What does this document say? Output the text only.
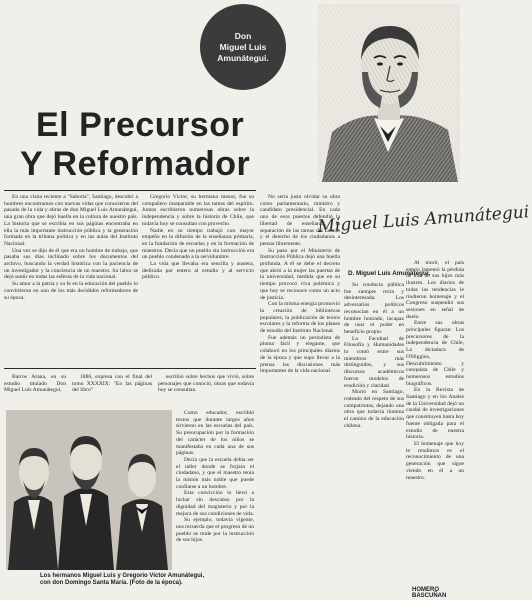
Don
Miguel Luis
Amunátegui.
El Precursor
Y Reformador
Miguel Luis Amunátegui
D. Miguel Luis Amunátegui.

En una visita reciente a "Sabotia", Santiago, descubrí a hombres encontramos con nuevas vidas que conocieron del pasado de la vida y obras de don Miguel Luis Amunátegui, una gran obra que dejó huella en la cultura de nuestro país. La historia que se escribía en sus páginas encontraba en ella la más importante instrucción pública y la generación formada en la tribuna política y en las aulas del Instituto Nacional.

Una vez se dijo de él que era un hombre de trabajo, que pasaba sus días inclinado sobre los documentos del archivo, buscando la verdad histórica con la paciencia de un investigador y la conciencia de un maestro. Su labor se dejó sentir en todas las esferas de la vida nacional.

Su amor a la patria y su fe en la educación del pueblo lo convirtieron en uno de los más decididos reformadores de su época.

Gregorio Víctor, su hermano menor, fue su compañero inseparable en las tareas del espíritu. Juntos escribieron numerosas obras sobre la independencia y sobre la historia de Chile, que todavía hoy se consultan con provecho.

Nadie en su tiempo trabajó con mayor empeño en la difusión de la enseñanza primaria, en la fundación de escuelas y en la formación de maestros. Decía que un pueblo sin instrucción era un pueblo condenado a la servidumbre.

La vida que llevaba era sencilla y austera, dedicada por entero al estudio y al servicio público.

No sería justo olvidar su obra como parlamentario, ministro y candidato presidencial. En cada uno de esos puestos defendió la libertad de enseñanza, la separación de las tareas del Estado y el derecho de los ciudadanos a pensar libremente.

Su paso por el Ministerio de Instrucción Pública dejó una huella profunda. A él se debe el decreto que abrió a la mujer las puertas de la universidad, medida que en su tiempo provocó viva polémica y que hoy se reconoce como un acto de justicia.

Con la misma energía promovió la creación de bibliotecas populares, la publicación de textos escolares y la reforma de los planes de estudio del Instituto Nacional.

Fue además un periodista de pluma fácil y elegante, que colaboró en los principales diarios de la época y que supo llevar a la prensa las discusiones más importantes de la vida nacional.

Su conducta pública fue siempre recta y desinteresada. Los adversarios políticos reconocían en él a un hombre honrado, incapaz de usar el poder en beneficio propio.

La Facultad de Filosofía y Humanidades lo contó entre sus miembros más distinguidos, y sus discursos académicos fueron modelos de erudición y claridad.

Murió en Santiago, rodeado del respeto de sus compatriotas, dejando una obra que todavía ilumina el camino de la educación chilena.

Al morir, el país entero lamentó la pérdida de uno de sus hijos más ilustres. Los diarios de todas las tendencias le rindieron homenaje y el Congreso suspendió sus sesiones en señal de duelo.

Entre sus obras principales figuran: Los precursores de la independencia de Chile, La dictadura de O'Higgins, Descubrimiento y conquista de Chile y numerosos estudios biográficos.

En la Revista de Santiago y en los Anales de la Universidad dejó un caudal de investigaciones que constituyen hasta hoy fuente obligada para el estudio de nuestra historia.

El homenaje que hoy le rendimos es el reconocimiento de una generación que sigue viendo en él a un maestro.

Barros Arana, en su estudio titulado Don Miguel Luis Amunátegui,

1886, expresa con el final del tomo XXXXIX: "En las páginas del libro"

escribió sobre hechos que vivió, sobre personajes que conoció, obras que todavía hoy se consultan.

Como educador, escribió textos que durante largos años sirvieron en las escuelas del país. Su preocupación por la formación del carácter de los niños se manifestaba en cada una de sus páginas.

Decía que la escuela debía ser el taller donde se forjara el ciudadano, y que el maestro tenía la misión más noble que puede confiarse a un hombre.

Esta convicción lo llevó a luchar sin descanso por la dignidad del magisterio y por la mejora de sus condiciones de vida.

Su ejemplo, todavía vigente, nos recuerda que el progreso de un pueblo se mide por la instrucción de sus hijos.

Los hermanos Miguel Luis y Gregorio Víctor Amunátegui, con don Domingo Santa María. (Foto de la época).
HOMERO BASCUÑAN
